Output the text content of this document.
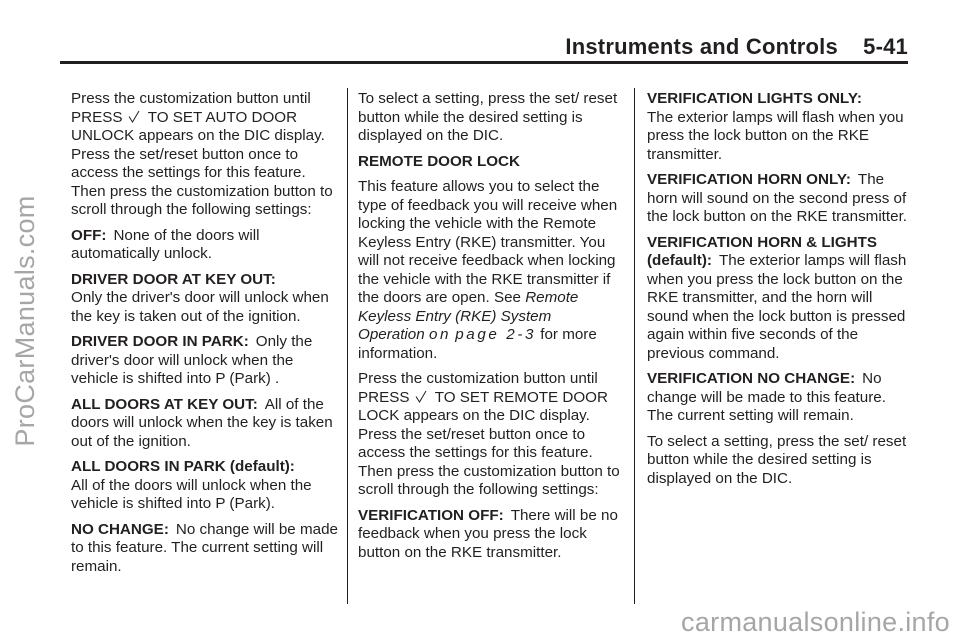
Instruments and Controls 5-41
ProCarManuals.com

Press the customization button until
PRESS TO SET AUTO DOOR UNLOCK appears on the DIC display. Press the set/reset button once to access the settings for this feature. Then press the customization button to scroll through the following settings:

OFF: None of the doors will automatically unlock.

DRIVER DOOR AT KEY OUT:
Only the driver's door will unlock when the key is taken out of the ignition.

DRIVER DOOR IN PARK: Only the driver's door will unlock when the vehicle is shifted into P (Park) .

ALL DOORS AT KEY OUT: All of the doors will unlock when the key is taken out of the ignition.

ALL DOORS IN PARK (default):
All of the doors will unlock when the vehicle is shifted into P (Park).

NO CHANGE: No change will be made to this feature. The current setting will remain.

To select a setting, press the set/ reset button while the desired setting is displayed on the DIC.

REMOTE DOOR LOCK

This feature allows you to select the type of feedback you will receive when locking the vehicle with the Remote Keyless Entry (RKE) transmitter. You will not receive feedback when locking the vehicle with the RKE transmitter if the doors are open. See Remote Keyless Entry (RKE) System Operation on page 2‑3 for more information.

Press the customization button until
PRESS TO SET REMOTE DOOR LOCK appears on the DIC display. Press the set/reset button once to access the settings for this feature. Then press the customization button to scroll through the following settings:

VERIFICATION OFF: There will be no feedback when you press the lock button on the RKE transmitter.

VERIFICATION LIGHTS ONLY:
The exterior lamps will flash when you press the lock button on the RKE transmitter.

VERIFICATION HORN ONLY: The horn will sound on the second press of the lock button on the RKE transmitter.

VERIFICATION HORN & LIGHTS (default): The exterior lamps will flash when you press the lock button on the RKE transmitter, and the horn will sound when the lock button is pressed again within five seconds of the previous command.

VERIFICATION NO CHANGE: No change will be made to this feature. The current setting will remain.

To select a setting, press the set/ reset button while the desired setting is displayed on the DIC.

carmanualsonline.info
